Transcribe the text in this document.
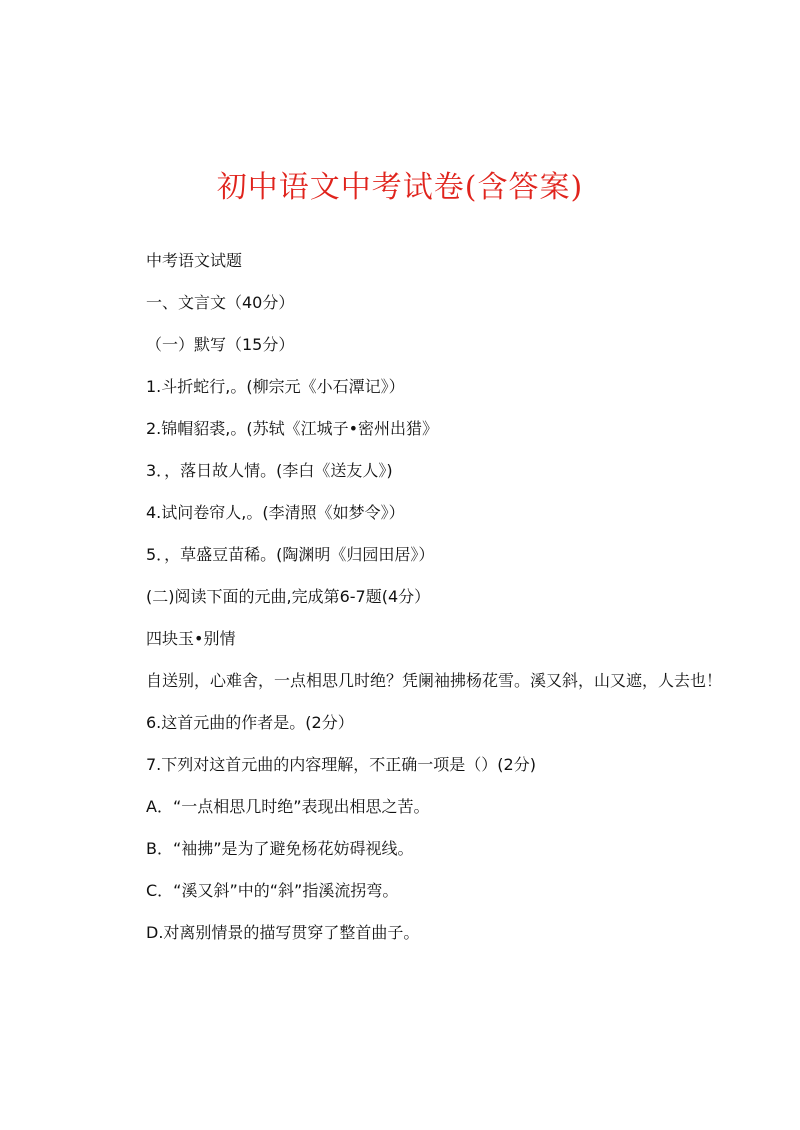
初中语文中考试卷(含答案)
中考语文试题
一、文言文（40分）
（一）默写（15分）
1.斗折蛇行,。(柳宗元《小石潭记》）
2.锦帽貂裘,。(苏轼《江城子•密州出猎》
3．，落日故人情。(李白《送友人》)
4.试问卷帘人,。(李清照《如梦令》）
5．，草盛豆苗稀。(陶渊明《归园田居》）
(二)阅读下面的元曲,完成第6-7题(4分）
四块玉•别情
自送别，心难舍，一点相思几时绝？凭阑袖拂杨花雪。溪又斜，山又遮，人去也！
6.这首元曲的作者是。(2分）
7.下列对这首元曲的内容理解，不正确一项是（）(2分)
A．“一点相思几时绝”表现出相思之苦。
B．“袖拂”是为了避免杨花妨碍视线。
C．“溪又斜”中的“斜”指溪流拐弯。
D.对离别情景的描写贯穿了整首曲子。
